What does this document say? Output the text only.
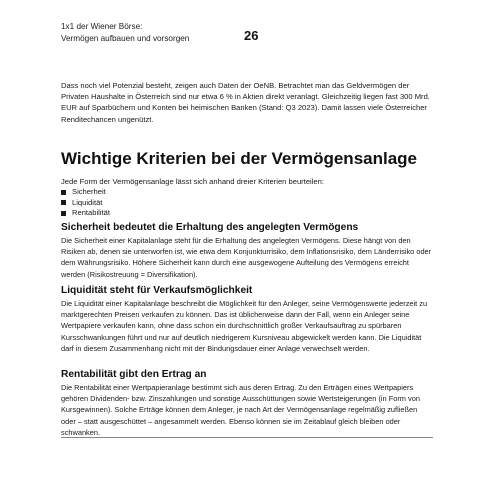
1x1 der Wiener Börse:
Vermögen aufbauen und vorsorgen	26

Dass noch viel Potenzial besteht, zeigen auch Daten der OeNB. Betrachtet man das Geldvermögen der Privaten Haushalte in Österreich sind nur etwa 6 % in Aktien direkt veranlagt. Gleichzeitig liegen fast 300 Mrd. EUR auf Sparbüchern und Konten bei heimischen Banken (Stand: Q3 2023). Damit lassen viele Österreicher Renditechancen ungenützt.

Wichtige Kriterien bei der Vermögensanlage

Jede Form der Vermögensanlage lässt sich anhand dreier Kriterien beurteilen:

Sicherheit
Liquidität
Rentabilität
Sicherheit bedeutet die Erhaltung des angelegten Vermögens

Die Sicherheit einer Kapitalanlage steht für die Erhaltung des angelegten Vermögens. Diese hängt von den Risiken ab, denen sie unterworfen ist, wie etwa dem Konjunkturrisiko, dem Inflationsrisiko, dem Länderrisiko oder dem Währungsrisiko. Höhere Sicherheit kann durch eine ausgewogene Aufteilung des Vermögens erreicht werden (Risikostreuung = Diversifikation).

Liquidität steht für Verkaufsmöglichkeit

Die Liquidität einer Kapitalanlage beschreibt die Möglichkeit für den Anleger, seine Vermögenswerte jederzeit zu marktgerechten Preisen verkaufen zu können. Das ist üblicherweise dann der Fall, wenn ein Anleger seine Wertpapiere verkaufen kann, ohne dass schon ein durchschnittlich großer Verkaufsauftrag zu spürbaren Kursschwankungen führt und nur auf deutlich niedrigerem Kursniveau abgewickelt werden kann. Die Liquidität darf in diesem Zusammenhang nicht mit der Bindungsdauer einer Anlage verwechselt werden.

Rentabilität gibt den Ertrag an

Die Rentabilität einer Wertpapieranlage bestimmt sich aus deren Ertrag. Zu den Erträgen eines Wertpapiers gehören Dividenden- bzw. Zinszahlungen und sonstige Ausschüttungen sowie Wertsteigerungen (in Form von Kursgewinnen). Solche Erträge können dem Anleger, je nach Art der Vermögensanlage regelmäßig zufließen oder – statt ausgeschüttet – angesammelt werden. Ebenso können sie im Zeitablauf gleich bleiben oder schwanken.
